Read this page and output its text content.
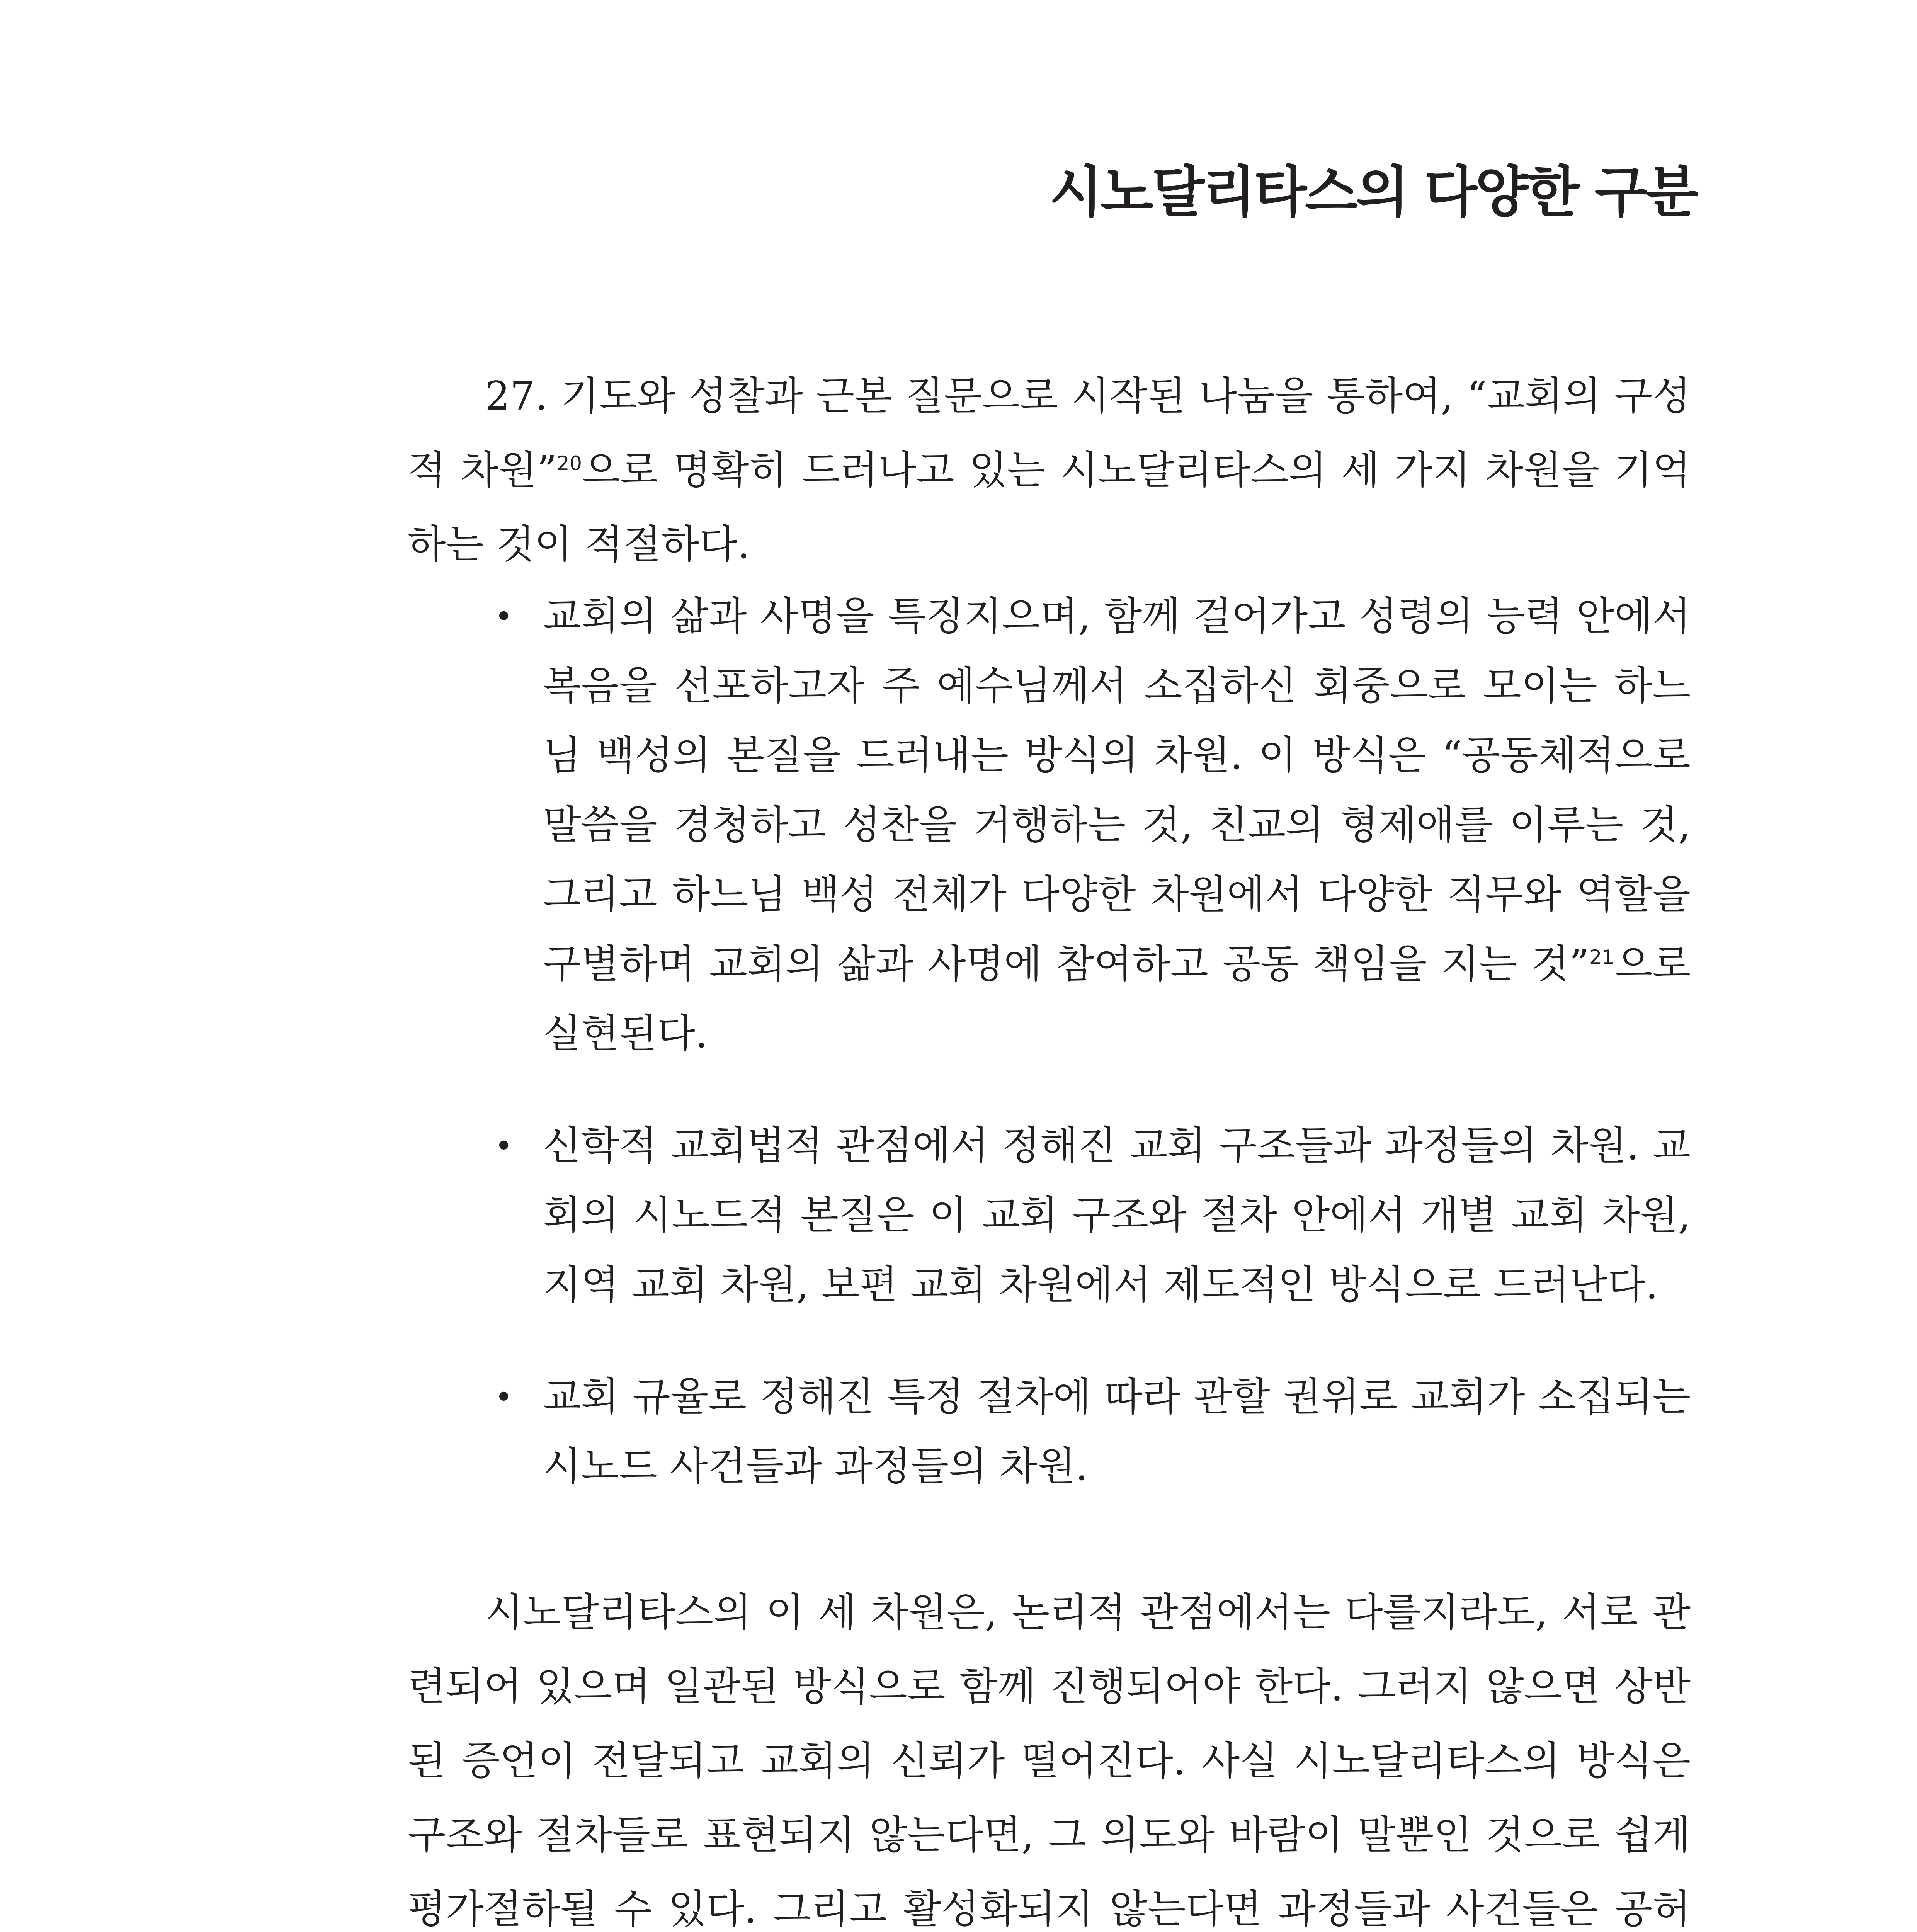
시노달리타스의 다양한 구분

27. 기도와 성찰과 근본 질문으로 시작된 나눔을 통하여, “교회의 구성적 차원”$^{20}$으로 명확히 드러나고 있는 시노달리타스의 세 가지 차원을 기억하는 것이 적절하다.

• 교회의 삶과 사명을 특징지으며, 함께 걸어가고 성령의 능력 안에서 복음을 선포하고자 주 예수님께서 소집하신 회중으로 모이는 하느님 백성의 본질을 드러내는 방식의 차원. 이 방식은 “공동체적으로 말씀을 경청하고 성찬을 거행하는 것, 친교의 형제애를 이루는 것, 그리고 하느님 백성 전체가 다양한 차원에서 다양한 직무와 역할을 구별하며 교회의 삶과 사명에 참여하고 공동 책임을 지는 것”$^{21}$으로 실현된다.
• 신학적 교회법적 관점에서 정해진 교회 구조들과 과정들의 차원. 교회의 시노드적 본질은 이 교회 구조와 절차 안에서 개별 교회 차원, 지역 교회 차원, 보편 교회 차원에서 제도적인 방식으로 드러난다.
• 교회 규율로 정해진 특정 절차에 따라 관할 권위로 교회가 소집되는 시노드 사건들과 과정들의 차원.

시노달리타스의 이 세 차원은, 논리적 관점에서는 다를지라도, 서로 관련되어 있으며 일관된 방식으로 함께 진행되어야 한다. 그러지 않으면 상반된 증언이 전달되고 교회의 신뢰가 떨어진다. 사실 시노달리타스의 방식은 구조와 절차들로 표현되지 않는다면, 그 의도와 바람이 말뿐인 것으로 쉽게 평가절하될 수 있다. 그리고 활성화되지 않는다면 과정들과 사건들은 공허
